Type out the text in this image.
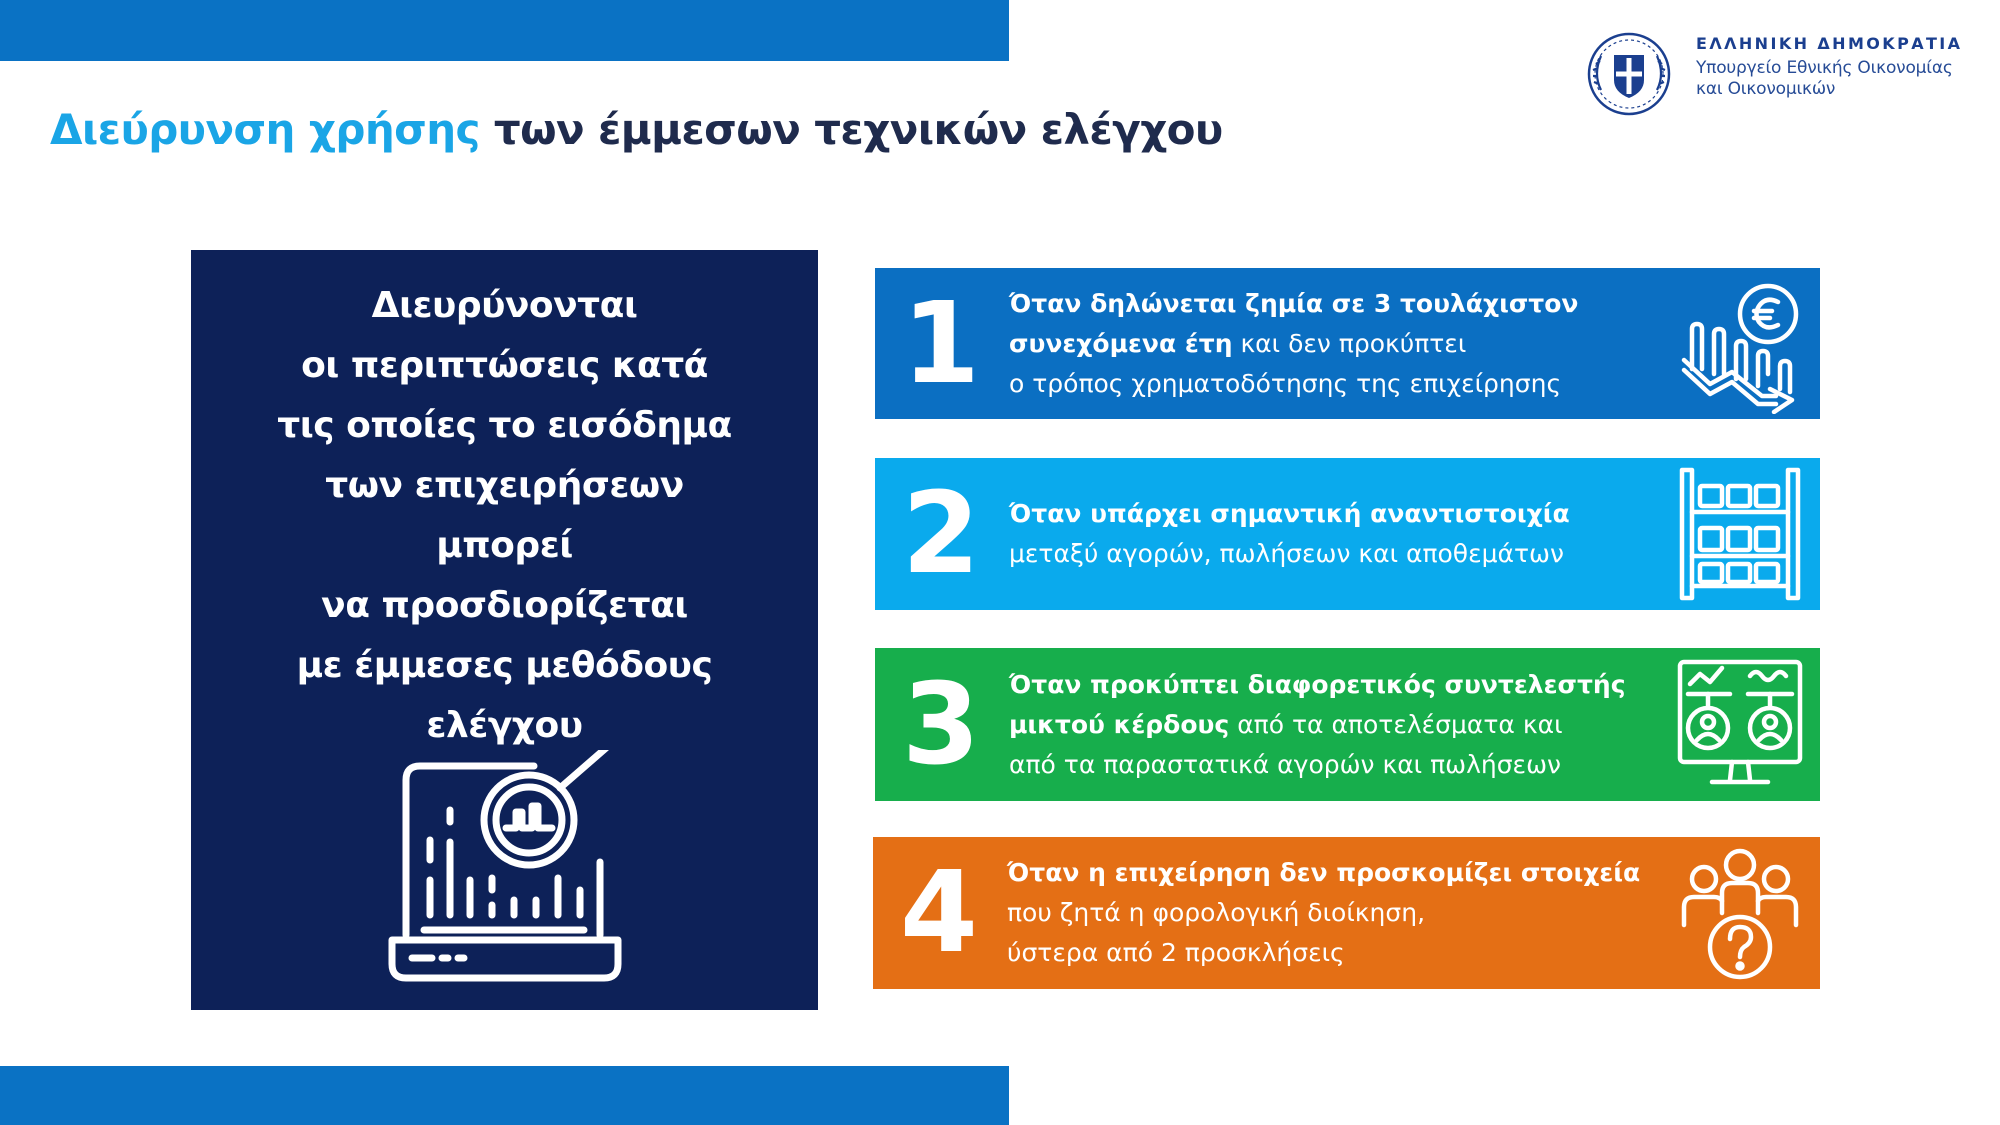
ΕΛΛΗΝΙΚΗ ΔΗΜΟΚΡΑΤΙΑ
Υπουργείο Εθνικής Οικονομίας
και Οικονομικών
Διεύρυνση χρήσης των έμμεσων τεχνικών ελέγχου
Διευρύνονται
οι περιπτώσεις κατά
τις οποίες το εισόδημα
των επιχειρήσεων
μπορεί
να προσδιορίζεται
με έμμεσες μεθόδους
ελέγχου
1	Όταν δηλώνεται ζημία σε 3 τουλάχιστον
συνεχόμενα έτη και δεν προκύπτει
ο τρόπος χρηματοδότησης της επιχείρησης
2	Όταν υπάρχει σημαντική αναντιστοιχία
μεταξύ αγορών, πωλήσεων και αποθεμάτων
3	Όταν προκύπτει διαφορετικός συντελεστής
μικτού κέρδους από τα αποτελέσματα και
από τα παραστατικά αγορών και πωλήσεων
4	Όταν η επιχείρηση δεν προσκομίζει στοιχεία
που ζητά η φορολογική διοίκηση,
ύστερα από 2 προσκλήσεις
